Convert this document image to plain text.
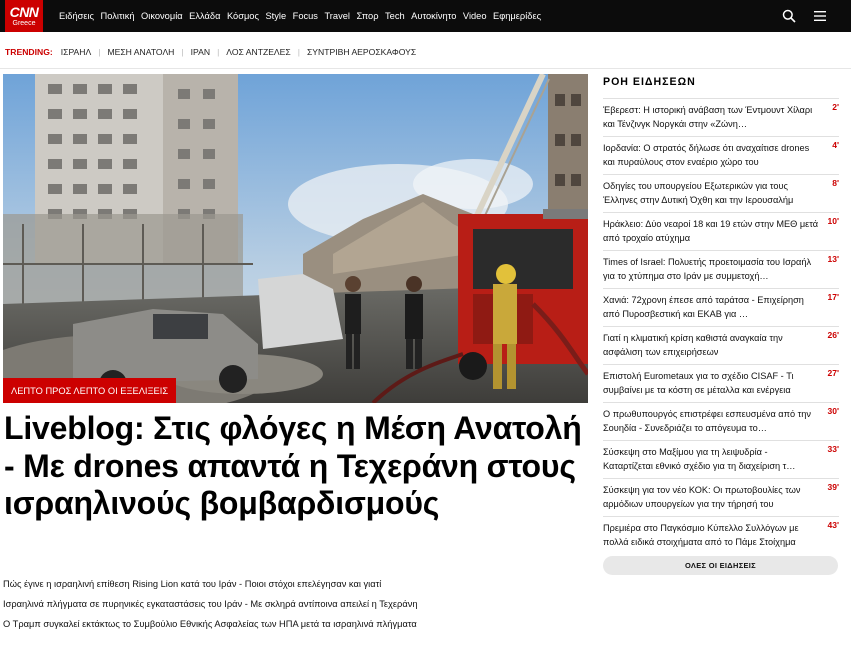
CNN
Greece
Ειδήσεις Πολιτική Οικονομία Ελλάδα Κόσμος Style Focus Travel Σπορ Tech Αυτοκίνητο Video Εφημερίδες
TRENDING: ΙΣΡΑΗΛ | ΜΕΣΗ ΑΝΑΤΟΛΗ | ΙΡΑΝ | ΛΟΣ ΑΝΤΖΕΛΕΣ | ΣΥΝΤΡΙΒΗ ΑΕΡΟΣΚΑΦΟΥΣ
ΛΕΠΤΟ ΠΡΟΣ ΛΕΠΤΟ ΟΙ ΕΞΕΛΙΞΕΙΣ
Liveblog: Στις φλόγες η Μέση Ανατολή - Με drones απαντά η Τεχεράνη στους ισραηλινούς βομβαρδισμούς
Πώς έγινε η ισραηλινή επίθεση Rising Lion κατά του Ιράν - Ποιοι στόχοι επελέγησαν και γιατί
Ισραηλινά πλήγματα σε πυρηνικές εγκαταστάσεις του Ιράν - Με σκληρά αντίποινα απειλεί η Τεχεράνη
Ο Τραμπ συγκαλεί εκτάκτως το Συμβούλιο Εθνικής Ασφαλείας των ΗΠΑ μετά τα ισραηλινά πλήγματα
ΡΟΗ ΕΙΔΗΣΕΩΝ
Έβερεστ: Η ιστορική ανάβαση των Έντμουντ Χίλαρι και Τένζινγκ Νοργκάι στην «Ζώνη…
2'
Ιορδανία: Ο στρατός δήλωσε ότι αναχαίτισε drones και πυραύλους στον εναέριο χώρο του
4'
Οδηγίες του υπουργείου Εξωτερικών για τους Έλληνες στην Δυτική Όχθη και την Ιερουσαλήμ
8'
Ηράκλειο: Δύο νεαροί 18 και 19 ετών στην ΜΕΘ μετά από τροχαίο ατύχημα
10'
Times of Israel: Πολυετής προετοιμασία του Ισραήλ για το χτύπημα στο Ιράν με συμμετοχή…
13'
Χανιά: 72χρονη έπεσε από ταράτσα - Επιχείρηση από Πυροσβεστική και ΕΚΑΒ για …
17'
Γιατί η κλιματική κρίση καθιστά αναγκαία την ασφάλιση των επιχειρήσεων
26'
Επιστολή Eurometaux για το σχέδιο CISAF - Τι συμβαίνει με τα κόστη σε μέταλλα και ενέργεια
27'
Ο πρωθυπουργός επιστρέφει εσπευσμένα από την Σουηδία - Συνεδριάζει το απόγευμα το…
30'
Σύσκεψη στο Μαξίμου για τη λειψυδρία - Καταρτίζεται εθνικό σχέδιο για τη διαχείριση τ…
33'
Σύσκεψη για τον νέο ΚΟΚ: Οι πρωτοβουλίες των αρμόδιων υπουργείων για την τήρησή του
39'
Πρεμιέρα στο Παγκόσμιο Κύπελλο Συλλόγων με πολλά ειδικά στοιχήματα από το Πάμε Στοίχημα
43'
ΟΛΕΣ ΟΙ ΕΙΔΗΣΕΙΣ
